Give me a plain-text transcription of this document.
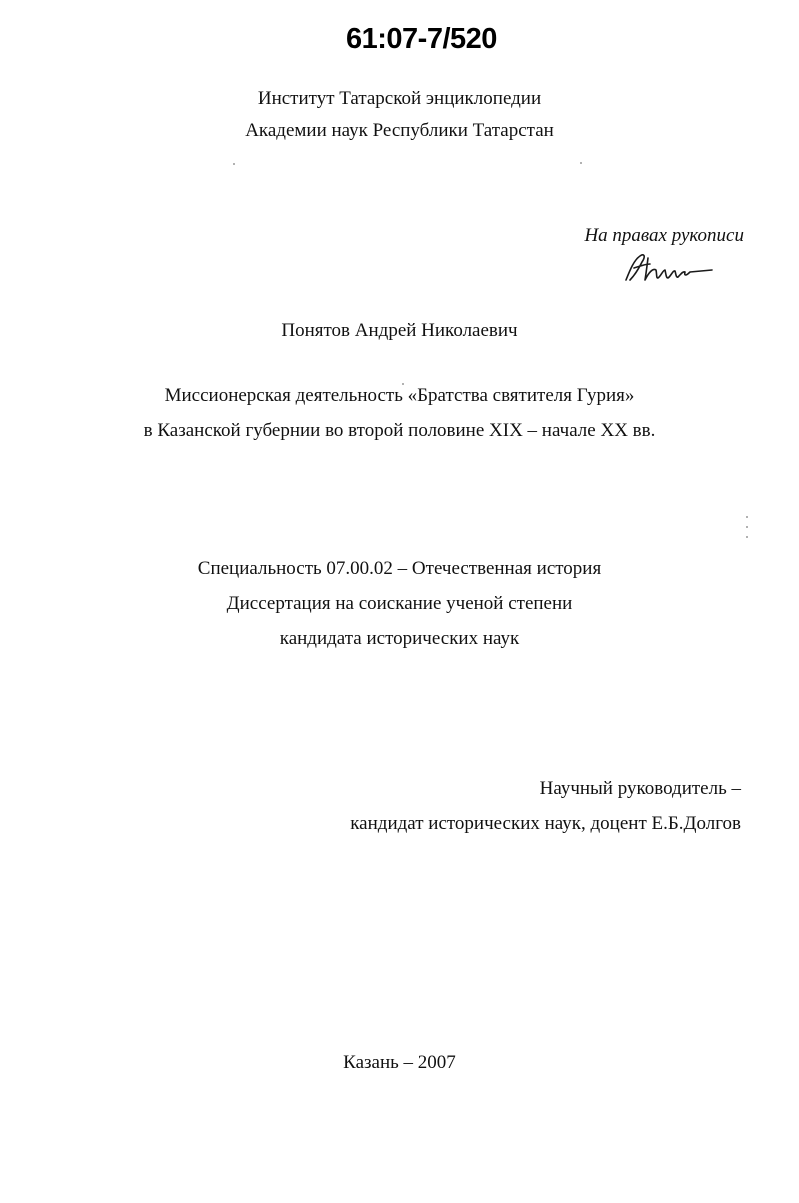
61:07-7/520
Институт Татарской энциклопедии
Академии наук Республики Татарстан
На правах рукописи
Понятов Андрей Николаевич
Миссионерская деятельность «Братства святителя Гурия»
в Казанской губернии во второй половине XIX – начале XX вв.
Специальность 07.00.02 – Отечественная история
Диссертация на соискание ученой степени
кандидата исторических наук
Научный руководитель –
кандидат исторических наук, доцент Е.Б.Долгов
Казань – 2007
